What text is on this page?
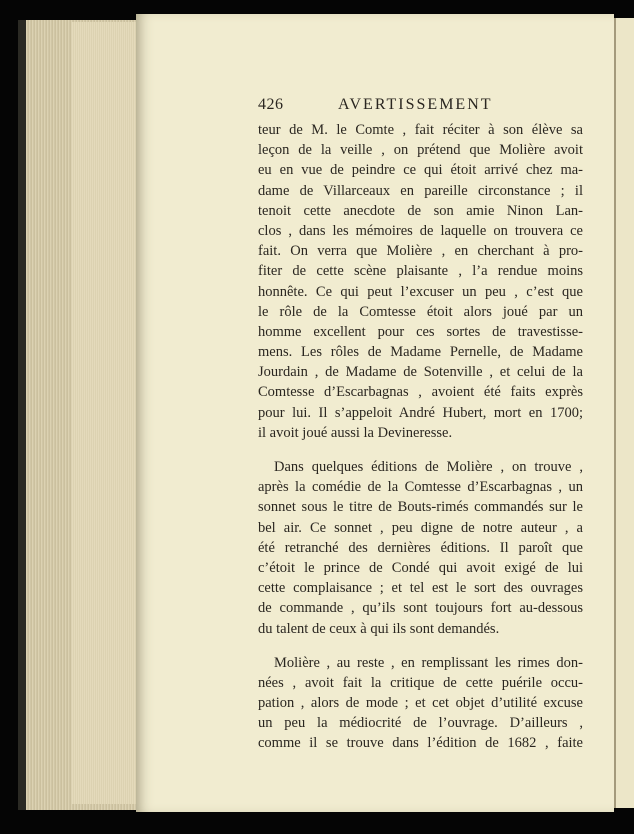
426	AVERTISSEMENT
teur de M. le Comte , fait réciter à son élève sa
leçon de la veille , on prétend que Molière avoit
eu en vue de peindre ce qui étoit arrivé chez ma-
dame de Villarceaux en pareille circonstance ; il
tenoit cette anecdote de son amie Ninon Lan-
clos , dans les mémoires de laquelle on trouvera ce
fait. On verra que Molière , en cherchant à pro-
fiter de cette scène plaisante , l’a rendue moins
honnête. Ce qui peut l’excuser un peu , c’est que
le rôle de la Comtesse étoit alors joué par un
homme excellent pour ces sortes de travestisse-
mens. Les rôles de Madame Pernelle, de Madame
Jourdain , de Madame de Sotenville , et celui de la
Comtesse d’Escarbagnas , avoient été faits exprès
pour lui. Il s’appeloit André Hubert, mort en 1700;
il avoit joué aussi la Devineresse.
Dans quelques éditions de Molière , on trouve ,
après la comédie de la Comtesse d’Escarbagnas , un
sonnet sous le titre de Bouts-rimés commandés sur le
bel air. Ce sonnet , peu digne de notre auteur , a
été retranché des dernières éditions. Il paroît que
c’étoit le prince de Condé qui avoit exigé de lui
cette complaisance ; et tel est le sort des ouvrages
de commande , qu’ils sont toujours fort au-dessous
du talent de ceux à qui ils sont demandés.
Molière , au reste , en remplissant les rimes don-
nées , avoit fait la critique de cette puérile occu-
pation , alors de mode ; et cet objet d’utilité excuse
un peu la médiocrité de l’ouvrage. D’ailleurs ,
comme il se trouve dans l’édition de 1682 , faite
